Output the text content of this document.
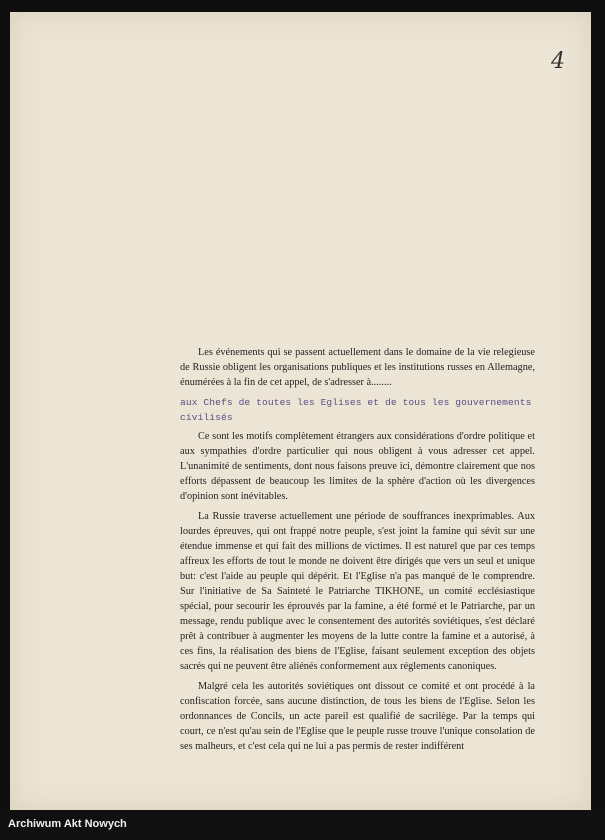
4

Les événements qui se passent actuellement dans le domaine de la vie relegieuse de Russie obligent les organisations publiques et les institutions russes en Allemagne, énumérées à la fin de cet appel, de s'adresser à........

aux Chefs de toutes les Eglises et de tous les gouvernements civilisés

Ce sont les motifs complètement étrangers aux considérations d'ordre politique et aux sympathies d'ordre particulier qui nous obligent à vous adresser cet appel. L'unanimité de sentiments, dont nous faisons preuve ici, démontre clairement que nos efforts dépassent de beaucoup les limites de la sphère d'action où les divergences d'opinion sont inévitables.

La Russie traverse actuellement une période de souffrances inexprimables. Aux lourdes épreuves, qui ont frappé notre peuple, s'est joint la famine qui sévit sur une étendue immense et qui fait des millions de victimes. Il est naturel que par ces temps affreux les efforts de tout le monde ne doivent être dirigés que vers un seul et unique but: c'est l'aide au peuple qui dépérit. Et l'Eglise n'a pas manqué de le comprendre. Sur l'initiative de Sa Sainteté le Patriarche TIKHONE, un comité ecclésiastique spécial, pour secourir les éprouvés par la famine, a été formé et le Patriarche, par un message, rendu publique avec le consentement des autorités soviétiques, s'est déclaré prêt à contribuer à augmenter les moyens de la lutte contre la famine et a autorisé, à ces fins, la réalisation des biens de l'Eglise, faisant seulement exception des objets sacrés qui ne peuvent être aliénés conformement aux réglements canoniques.

Malgré cela les autorités soviétiques ont dissout ce comité et ont procédé à la confiscation forcée, sans aucune distinction, de tous les biens de l'Eglise. Selon les ordonnances de Concils, un acte pareil est qualifié de sacrilège. Par la temps qui court, ce n'est qu'au sein de l'Eglise que le peuple russe trouve l'unique consolation de ses malheurs, et c'est cela qui ne lui a pas permis de rester indifférent

Archiwum Akt Nowych
